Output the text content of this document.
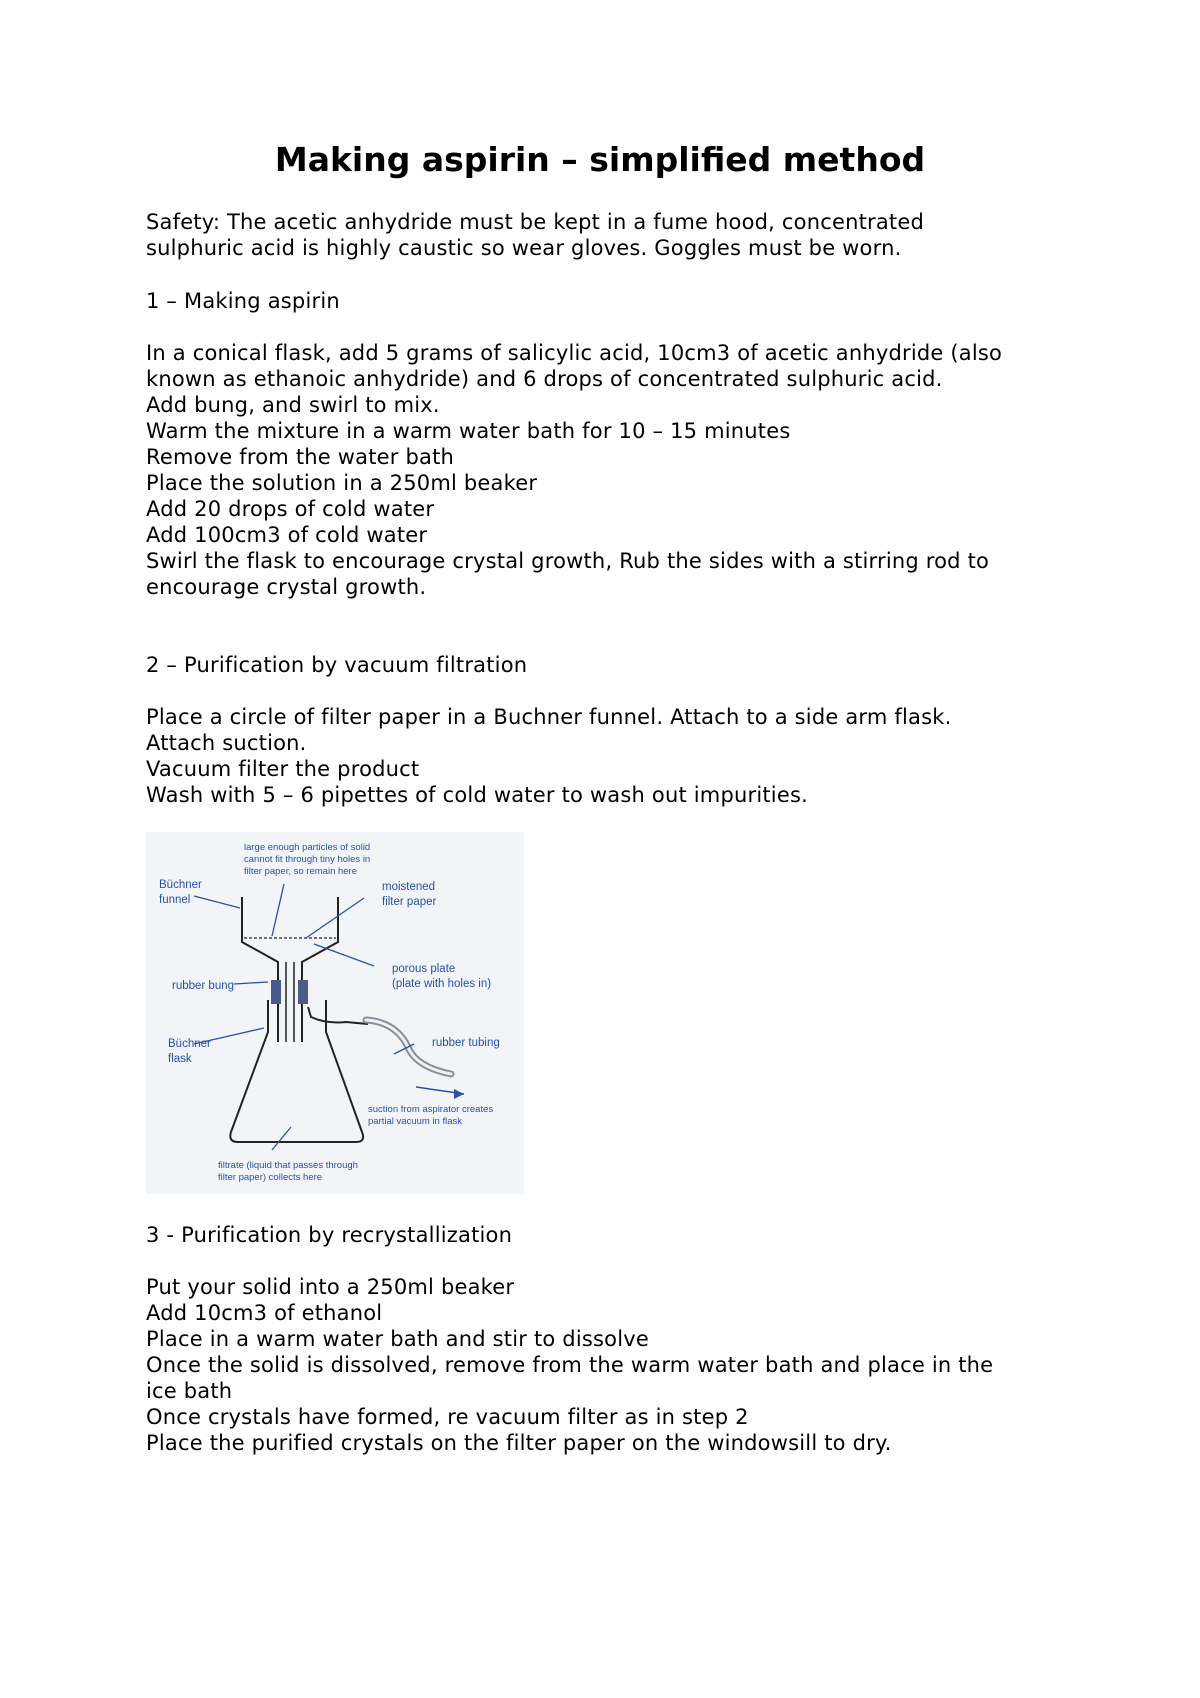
Making aspirin – simplified method
Safety: The acetic anhydride must be kept in a fume hood, concentrated
sulphuric acid is highly caustic so wear gloves. Goggles must be worn.
1 – Making aspirin
In a conical flask, add 5 grams of salicylic acid, 10cm3 of acetic anhydride (also
known as ethanoic anhydride) and 6 drops of concentrated sulphuric acid.
Add bung, and swirl to mix.
Warm the mixture in a warm water bath for 10 – 15 minutes
Remove from the water bath
Place the solution in a 250ml beaker
Add 20 drops of cold water
Add 100cm3 of cold water
Swirl the flask to encourage crystal growth, Rub the sides with a stirring rod to
encourage crystal growth.
2 – Purification by vacuum filtration
Place a circle of filter paper in a Buchner funnel. Attach to a side arm flask.
Attach suction.
Vacuum filter the product
Wash with 5 – 6 pipettes of cold water to wash out impurities.
large enough particles of solid
cannot fit through tiny holes in
filter paper, so remain here
Büchner
funnel
moistened
filter paper
porous plate
(plate with holes in)
rubber bung
Büchner
flask
rubber tubing
suction from aspirator creates
partial vacuum in flask
filtrate (liquid that passes through
filter paper) collects here
3 - Purification by recrystallization
Put your solid into a 250ml beaker
Add 10cm3 of ethanol
Place in a warm water bath and stir to dissolve
Once the solid is dissolved, remove from the warm water bath and place in the
ice bath
Once crystals have formed, re vacuum filter as in step 2
Place the purified crystals on the filter paper on the windowsill to dry.
